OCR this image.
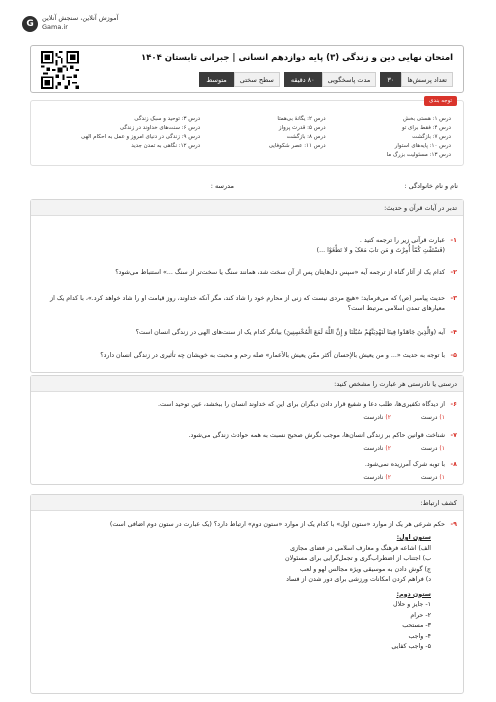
G
آموزش آنلاین، سنجش آنلاین
Gama.ir
امتحان نهایی دین و زندگی (۳) پایه دوازدهم انسانی | جبرانی تابستان ۱۴۰۴
تعداد پرسش‌ها
۳۰
مدت پاسخگویی
۸۰ دقیقه
سطح سختی
متوسط
توجه بندی
درس ۱: هستی بخش
درس ۲: یگانهٔ بی‌همتا
درس ۳: توحید و سبک زندگی
درس ۴: فقط برای تو
درس ۵: قدرت پرواز
درس ۶: سنت‌های خداوند در زندگی
درس ۷: بازگشت
درس ۸: بازگشت
درس ۹: زندگی در دنیای امروز و عمل به احکام الهی
درس ۱۰: پایه‌های استوار
درس ۱۱: عصر شکوفایی
درس ۱۲: نگاهی به تمدن جدید
درس ۱۳: مسئولیت بزرگ ما
نام و نام خانوادگی :
مدرسه :
تدبر در آیات قرآن و حدیث:
۱-
عبارت قرآنی زیر را ترجمه کنید .
(فَسْتَفْتِ کُمّاً أُمِرْتَ وَ مَن تابَ مَعَکَ و لا تَطْغَوْا ...)
۲-
کدام یک از آثار گناه از ترجمه آیه «سپس دل‌هایتان پس از آن سخت شد، همانند سنگ یا سخت‌تر از سنگ ...» استنباط می‌شود؟
۳-
حدیث پیامبر (ص) که می‌فرماید: «هیچ مردی نیست که زنی از محارم خود را شاد کند، مگر آنکه خداوند، روز قیامت او را شاد خواهد کرد.»، با کدام یک از معیارهای تمدن اسلامی مرتبط است؟
۴-
آیه (وَالَّذِینَ جَاهَدُوا فِینَا لَنَهْدِیَنَّهُمْ سُبُلَنَا وَ إِنَّ اللَّهَ لَمَعَ الْمُحْسِنِینَ) بیانگر کدام یک از سنت‌های الهی در زندگی انسان است؟
۵-
با توجه به حدیث «... و من یعیش بالإحسان أکثر ممّن یعیش بالأعمار» صله رحم و محبت به خویشان چه تأثیری در زندگی انسان دارد؟
درستی یا نادرستی هر عبارت را مشخص کنید:
۶-
از دیدگاه تکفیری‌ها، طلب دعا و شفیع قرار دادن دیگران برای این که خداوند انسان را ببخشد، عین توحید است.
۱)درست
۲)نادرست
۷-
شناخت قوانین حاکم بر زندگی انسان‌ها، موجب نگرش صحیح نسبت به همه حوادث زندگی می‌شود.
۱)درست
۲)نادرست
۸-
با توبه شرک آمرزیده نمی‌شود.
۱)درست
۲)نادرست
کشف ارتباط:
۹-
حکم شرعی هر یک از موارد «ستون اول» با کدام یک از موارد «ستون دوم» ارتباط دارد؟ (یک عبارت در ستون دوم اضافی است)
ستون اول:
الف) اشاعه فرهنگ و معارف اسلامی در فضای مجازی
ب) اجتناب از اضطراب‌گری و تجمل‌گرایی برای مسئولان
ج) گوش دادن به موسیقی ویژه مجالس لهو و لعب
د) فراهم کردن امکانات ورزشی برای دور شدن از فساد
ستون دوم:
۱- جایز و حلال
۲- حرام
۳- مستحب
۴- واجب
۵- واجب کفایی
